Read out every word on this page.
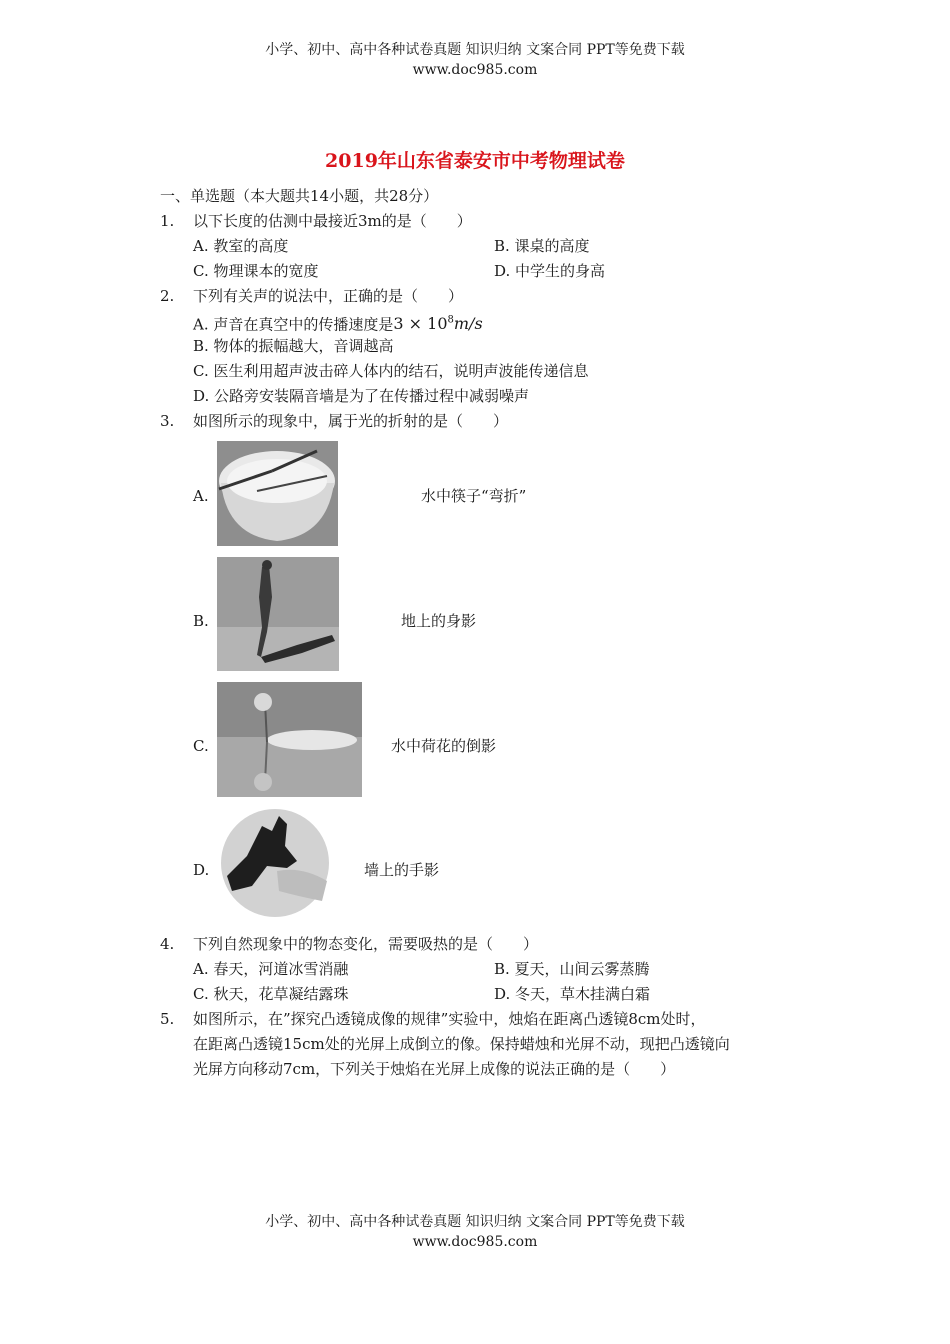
小学、初中、高中各种试卷真题 知识归纳 文案合同 PPT等免费下载
www.doc985.com
2019年山东省泰安市中考物理试卷
一、单选题（本大题共14小题，共28分）
1. 以下长度的估测中最接近3m的是（　　）
A. 教室的高度	B. 课桌的高度
C. 物理课本的宽度	D. 中学生的身高
2. 下列有关声的说法中，正确的是（　　）
A. 声音在真空中的传播速度是$3 \times 10^8m/s$
B. 物体的振幅越大，音调越高
C. 医生利用超声波击碎人体内的结石，说明声波能传递信息
D. 公路旁安装隔音墙是为了在传播过程中减弱噪声
3. 如图所示的现象中，属于光的折射的是（　　）
A.	水中筷子“弯折”
B.	地上的身影
C.	水中荷花的倒影
D.	墙上的手影
4. 下列自然现象中的物态变化，需要吸热的是（　　）
A. 春天，河道冰雪消融	B. 夏天，山间云雾蒸腾
C. 秋天，花草凝结露珠	D. 冬天，草木挂满白霜
5. 如图所示，在”探究凸透镜成像的规律”实验中，烛焰在距离凸透镜8cm处时，
在距离凸透镜15cm处的光屏上成倒立的像。保持蜡烛和光屏不动，现把凸透镜向
光屏方向移动7cm，下列关于烛焰在光屏上成像的说法正确的是（　　）
小学、初中、高中各种试卷真题 知识归纳 文案合同 PPT等免费下载
www.doc985.com
